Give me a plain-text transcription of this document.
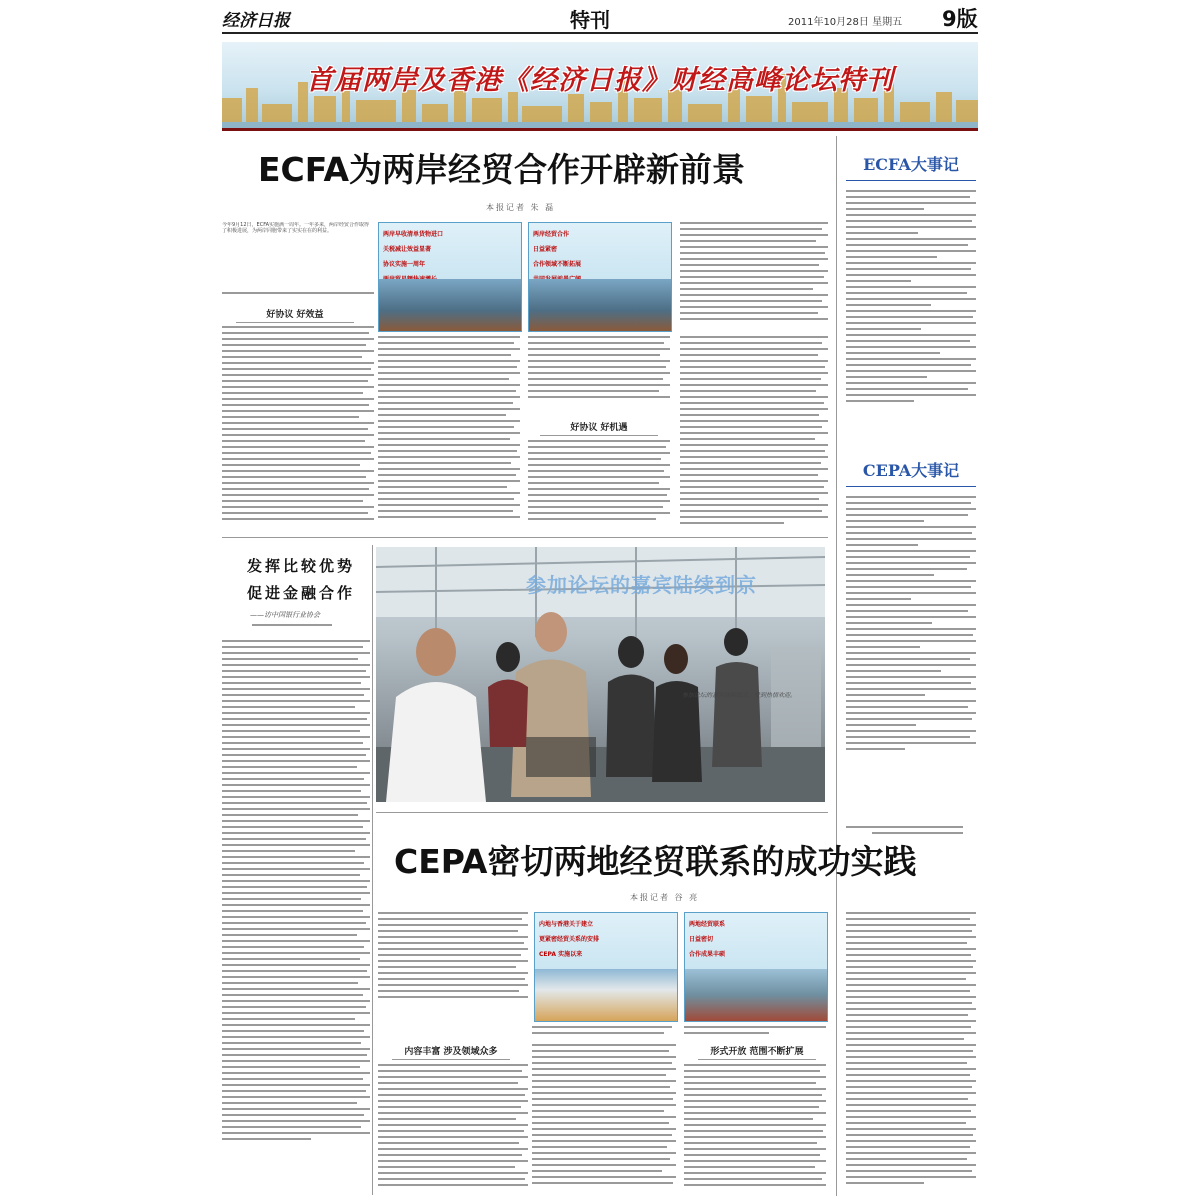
经济日报	特刊	2011年10月28日 星期五 9版
首届两岸及香港《经济日报》财经高峰论坛特刊
ECFA为两岸经贸合作开辟新前景
本报记者 朱 磊
今年9月12日，ECFA实施满一周年。一年多来，两岸经贸合作取得了积极进展，为两岸同胞带来了实实在在的利益。	两岸早收清单货物进口
关税减让效益显著
协议实施一周年
两岸经贸合作
日益紧密
合作领域不断拓展
好协议 好效益
好协议 好机遇
ECFA大事记
CEPA大事记
发挥比较优势
促进金融合作
——访中国银行业协会
参加论坛的嘉宾陆续到京
参加论坛的嘉宾陆续抵京，受到热情欢迎。
CEPA密切两地经贸联系的成功实践
本报记者 谷 亮
内地与香港关于建立
更紧密经贸关系的安排
CEPA 实施以来
两地经贸联系
日益密切
合作成果丰硕
内容丰富 涉及领域众多	形式开放 范围不断扩展
